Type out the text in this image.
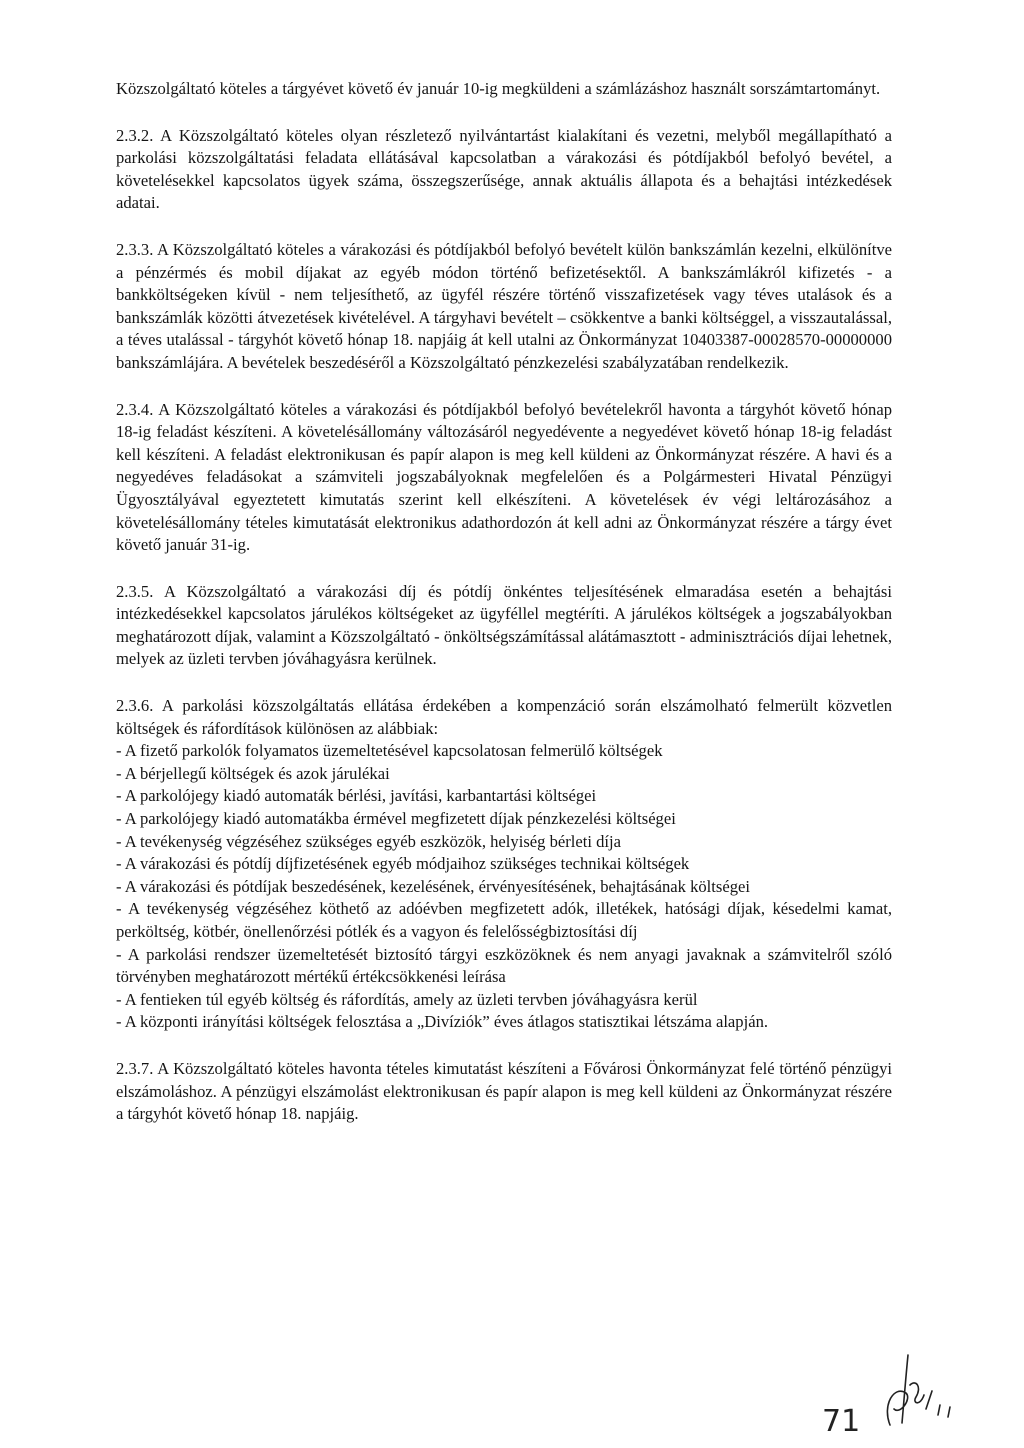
Közszolgáltató köteles a tárgyévet követő év január 10-ig megküldeni a számlázáshoz használt sorszámtartományt.

2.3.2. A Közszolgáltató köteles olyan részletező nyilvántartást kialakítani és vezetni, melyből megállapítható a parkolási közszolgáltatási feladata ellátásával kapcsolatban a várakozási és pótdíjakból befolyó bevétel, a követelésekkel kapcsolatos ügyek száma, összegszerűsége, annak aktuális állapota és a behajtási intézkedések adatai.

2.3.3. A Közszolgáltató köteles a várakozási és pótdíjakból befolyó bevételt külön bankszámlán kezelni, elkülönítve a pénzérmés és mobil díjakat az egyéb módon történő befizetésektől. A bankszámlákról kifizetés - a bankköltségeken kívül - nem teljesíthető, az ügyfél részére történő visszafizetések vagy téves utalások és a bankszámlák közötti átvezetések kivételével. A tárgyhavi bevételt – csökkentve a banki költséggel, a visszautalással, a téves utalással - tárgyhót követő hónap 18. napjáig át kell utalni az Önkormányzat 10403387-00028570-00000000 bankszámlájára. A bevételek beszedéséről a Közszolgáltató pénzkezelési szabályzatában rendelkezik.

2.3.4. A Közszolgáltató köteles a várakozási és pótdíjakból befolyó bevételekről havonta a tárgyhót követő hónap 18-ig feladást készíteni. A követelésállomány változásáról negyedévente a negyedévet követő hónap 18-ig feladást kell készíteni. A feladást elektronikusan és papír alapon is meg kell küldeni az Önkormányzat részére. A havi és a negyedéves feladásokat a számviteli jogszabályoknak megfelelően és a Polgármesteri Hivatal Pénzügyi Ügyosztályával egyeztetett kimutatás szerint kell elkészíteni. A követelések év végi leltározásához a követelésállomány tételes kimutatását elektronikus adathordozón át kell adni az Önkormányzat részére a tárgy évet követő január 31-ig.

2.3.5. A Közszolgáltató a várakozási díj és pótdíj önkéntes teljesítésének elmaradása esetén a behajtási intézkedésekkel kapcsolatos járulékos költségeket az ügyféllel megtéríti. A járulékos költségek a jogszabályokban meghatározott díjak, valamint a Közszolgáltató - önköltségszámítással alátámasztott - adminisztrációs díjai lehetnek, melyek az üzleti tervben jóváhagyásra kerülnek.

2.3.6. A parkolási közszolgáltatás ellátása érdekében a kompenzáció során elszámolható felmerült közvetlen költségek és ráfordítások különösen az alábbiak:

- A fizető parkolók folyamatos üzemeltetésével kapcsolatosan felmerülő költségek
- A bérjellegű költségek és azok járulékai
- A parkolójegy kiadó automaták bérlési, javítási, karbantartási költségei
- A parkolójegy kiadó automatákba érmével megfizetett díjak pénzkezelési költségei
- A tevékenység végzéséhez szükséges egyéb eszközök, helyiség bérleti díja
- A várakozási és pótdíj díjfizetésének egyéb módjaihoz szükséges technikai költségek
- A várakozási és pótdíjak beszedésének, kezelésének, érvényesítésének, behajtásának költségei
- A tevékenység végzéséhez köthető az adóévben megfizetett adók, illetékek, hatósági díjak, késedelmi kamat, perköltség, kötbér, önellenőrzési pótlék és a vagyon és felelősségbiztosítási díj
- A parkolási rendszer üzemeltetését biztosító tárgyi eszközöknek és nem anyagi javaknak a számvitelről szóló törvényben meghatározott mértékű értékcsökkenési leírása
- A fentieken túl egyéb költség és ráfordítás, amely az üzleti tervben jóváhagyásra kerül
- A központi irányítási költségek felosztása a „Divíziók” éves átlagos statisztikai létszáma alapján.

2.3.7. A Közszolgáltató köteles havonta tételes kimutatást készíteni a Fővárosi Önkormányzat felé történő pénzügyi elszámoláshoz. A pénzügyi elszámolást elektronikusan és papír alapon is meg kell küldeni az Önkormányzat részére a tárgyhót követő hónap 18. napjáig.

71
